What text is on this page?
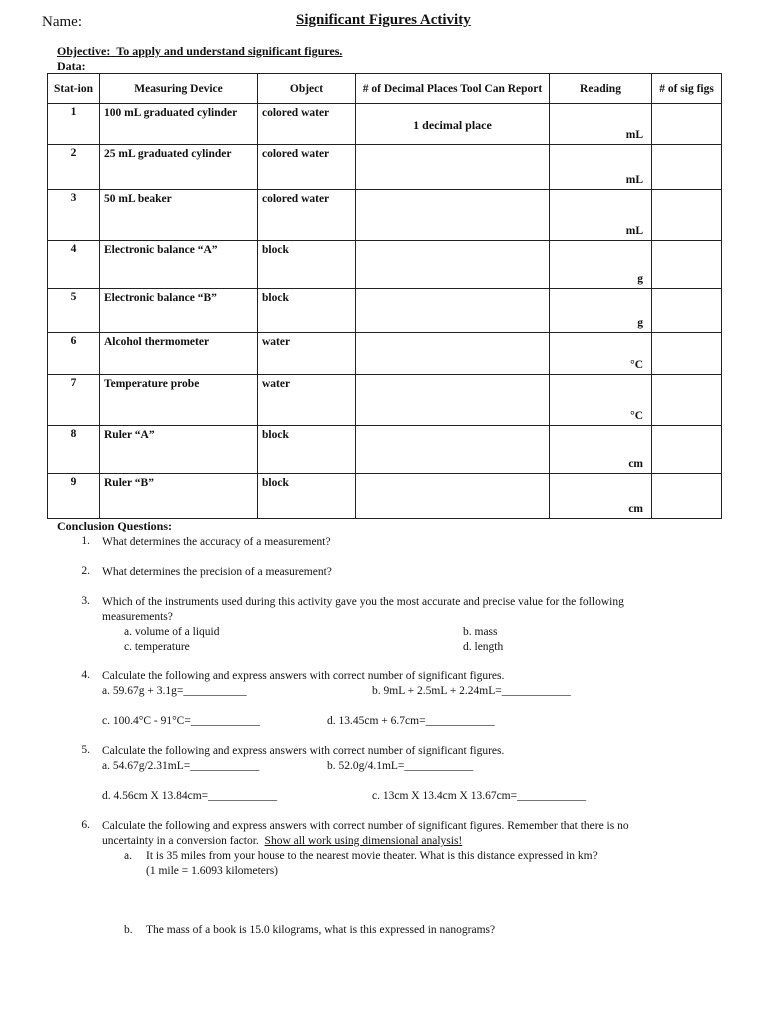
Name:	Significant Figures Activity
Objective: To apply and understand significant figures.
Data:
Stat-ion	Measuring Device	Object	# of Decimal Places Tool Can Report	Reading	# of sig figs
1	100 mL graduated cylinder	colored water	1 decimal place	mL	
2	25 mL graduated cylinder	colored water		mL	
3	50 mL beaker	colored water		mL	
4	Electronic balance “A”	block		g	
5	Electronic balance “B”	block		g	
6	Alcohol thermometer	water		°C	
7	Temperature probe	water		°C	
8	Ruler “A”	block		cm	
9	Ruler “B”	block		cm	
Conclusion Questions:
1. What determines the accuracy of a measurement?
2. What determines the precision of a measurement?
3. Which of the instruments used during this activity gave you the most accurate and precise value for the following measurements?
a. volume of a liquid	b. mass
c. temperature	d. length
4. Calculate the following and express answers with correct number of significant figures.
a. 59.67g + 3.1g=___________	b. 9mL + 2.5mL + 2.24mL=____________
c. 100.4°C - 91°C=____________	d. 13.45cm + 6.7cm=____________
5. Calculate the following and express answers with correct number of significant figures.
a. 54.67g/2.31mL=____________	b. 52.0g/4.1mL=____________
d. 4.56cm X 13.84cm=____________	c. 13cm X 13.4cm X 13.67cm=____________
6. Calculate the following and express answers with correct number of significant figures. Remember that there is no
uncertainty in a conversion factor. Show all work using dimensional analysis!
a. It is 35 miles from your house to the nearest movie theater. What is this distance expressed in km?
(1 mile = 1.6093 kilometers)
b. The mass of a book is 15.0 kilograms, what is this expressed in nanograms?
